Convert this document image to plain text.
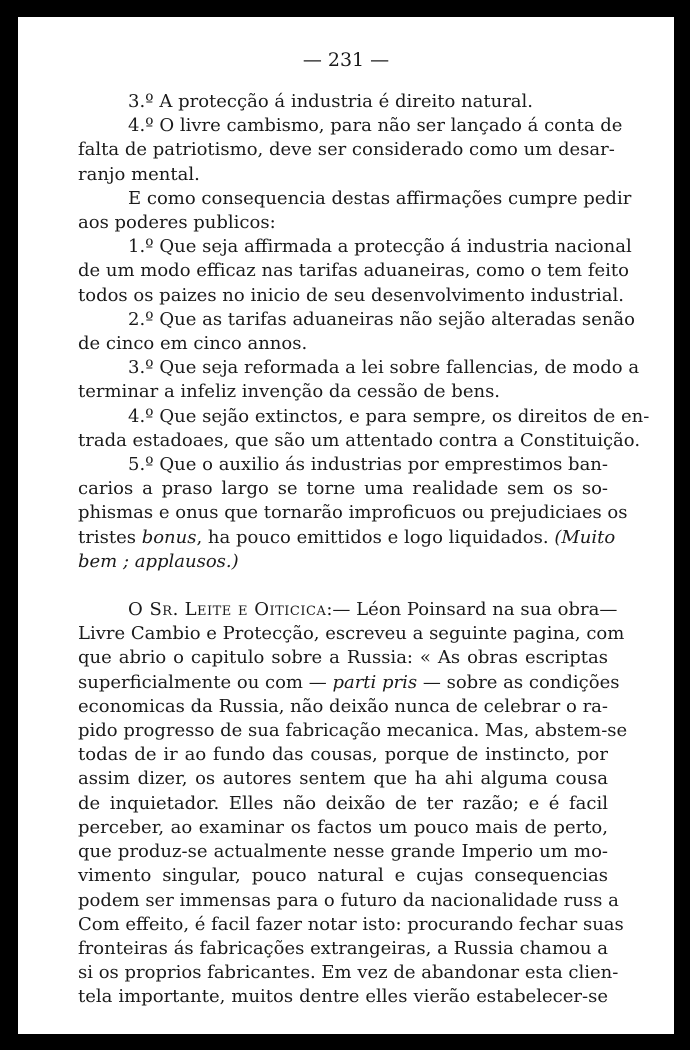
— 231 —
3.º A protecção á industria é direito natural.
4.º O livre cambismo, para não ser lançado á conta de
falta de patriotismo, deve ser considerado como um desar-
ranjo mental.
E como consequencia destas affirmações cumpre pedir
aos poderes publicos:
1.º Que seja affirmada a protecção á industria nacional
de um modo efficaz nas tarifas aduaneiras, como o tem feito
todos os paizes no inicio de seu desenvolvimento industrial.
2.º Que as tarifas aduaneiras não sejão alteradas senão
de cinco em cinco annos.
3.º Que seja reformada a lei sobre fallencias, de modo a
terminar a infeliz invenção da cessão de bens.
4.º Que sejão extinctos, e para sempre, os direitos de en-
trada estadoaes, que são um attentado contra a Constituição.
5.º Que o auxilio ás industrias por emprestimos ban-
carios a praso largo se torne uma realidade sem os so-
phismas e onus que tornarão improficuos ou prejudiciaes os
tristes bonus, ha pouco emittidos e logo liquidados. (Muito
bem ; applausos.)
O Sr. Leite e Oiticica:— Léon Poinsard na sua obra—
Livre Cambio e Protecção, escreveu a seguinte pagina, com
que abrio o capitulo sobre a Russia: « As obras escriptas
superficialmente ou com — parti pris — sobre as condições
economicas da Russia, não deixão nunca de celebrar o ra-
pido progresso de sua fabricação mecanica. Mas, abstem-se
todas de ir ao fundo das cousas, porque de instincto, por
assim dizer, os autores sentem que ha ahi alguma cousa
de inquietador. Elles não deixão de ter razão; e é facil
perceber, ao examinar os factos um pouco mais de perto,
que produz-se actualmente nesse grande Imperio um mo-
vimento singular, pouco natural e cujas consequencias
podem ser immensas para o futuro da nacionalidade russ a
Com effeito, é facil fazer notar isto: procurando fechar suas
fronteiras ás fabricações extrangeiras, a Russia chamou a
si os proprios fabricantes. Em vez de abandonar esta clien-
tela importante, muitos dentre elles vierão estabelecer-se
